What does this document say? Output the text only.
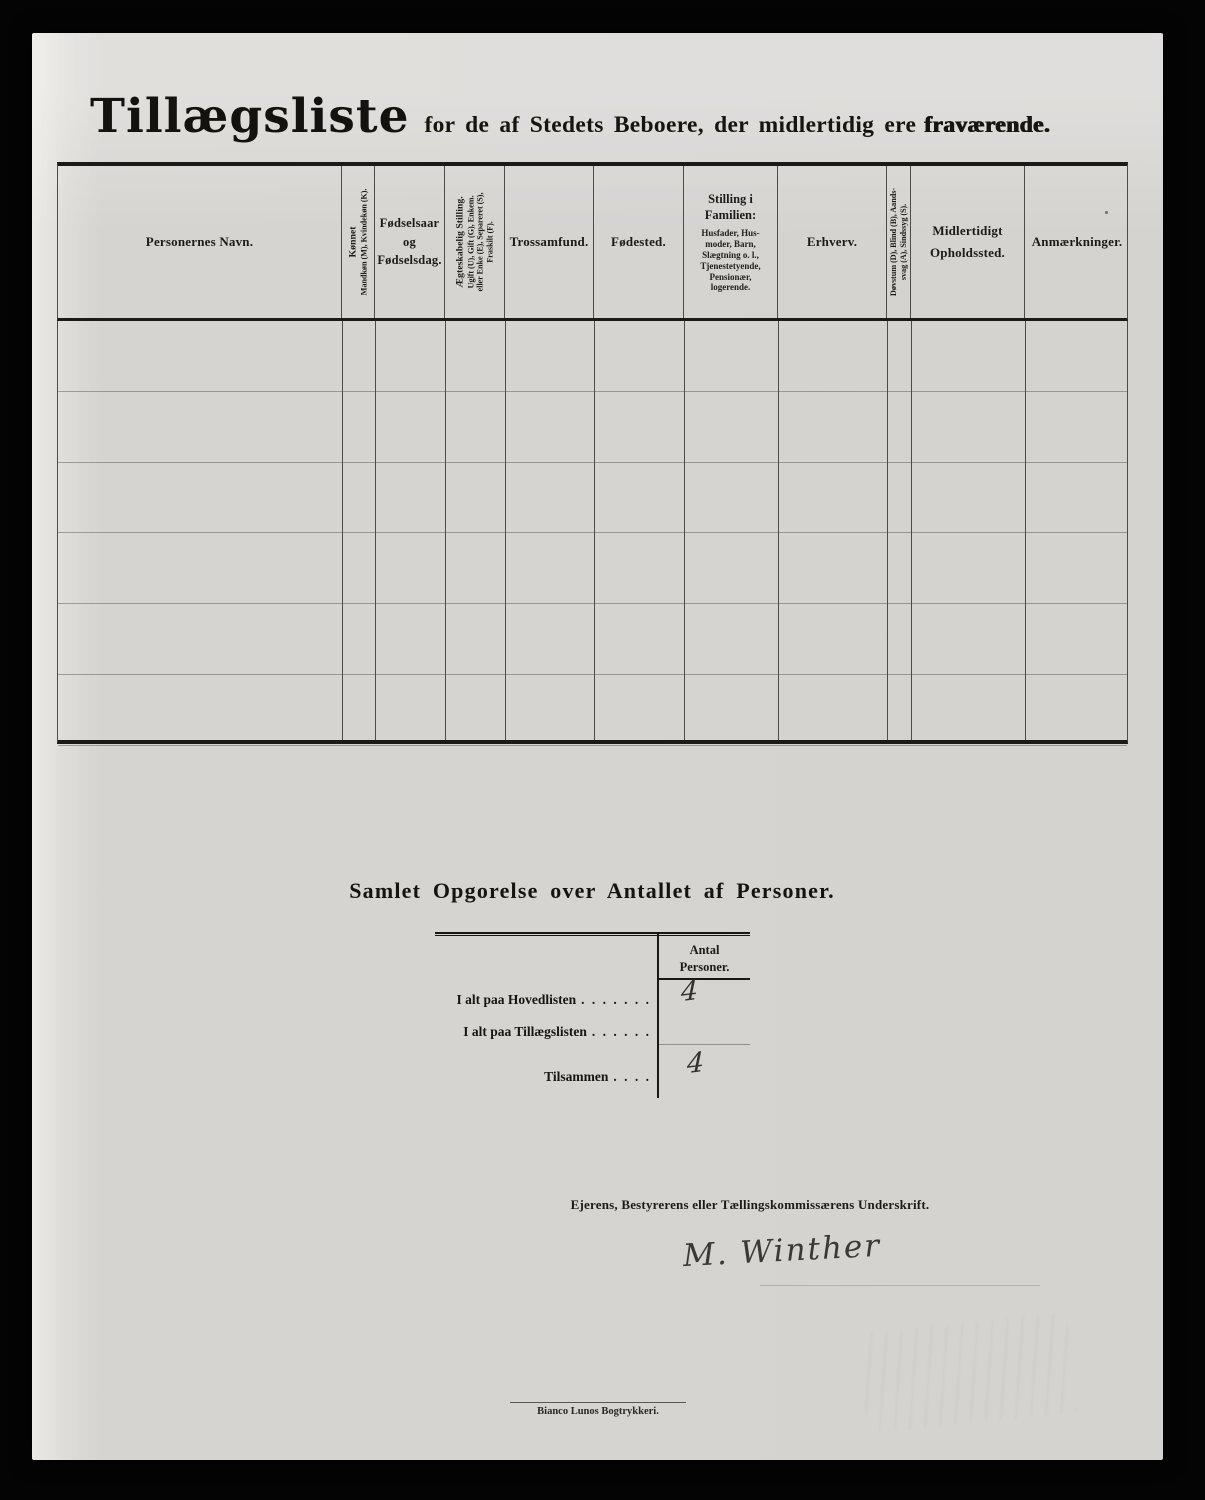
Tillægsliste for de af Stedets Beboere, der midlertidig ere fraværende.
Personernes Navn.	Kønnet Mandkøn (M), Kvindekøn (K). Fødselsaar
og
Fødselsdag. Ægteskabelig Stilling. Ugift (U), Gift (G), Enkem. eller Enke (E), Separeret (S), Fraskilt (F). Trossamfund. Fødested.
Stilling i
Familien:
Husfader, Hus-
moder, Barn,
Slægtning o. l.,
Tjenestetyende,
Pensionær,
logerende.
Erhverv.	Døvstum (D), Blind (B), Aands- svag (A), Sindssyg (S). Midlertidigt
Opholdssted.
Anmærkninger.
Samlet Opgorelse over Antallet af Personer.
Antal
Personer.
I alt paa Hovedlisten . . . . . . .
I alt paa Tillægslisten . . . . . .
Tilsammen . . . .
4
4
Ejerens, Bestyrerens eller Tællingskommissærens Underskrift.
M. Winther
Bianco Lunos Bogtrykkeri.
